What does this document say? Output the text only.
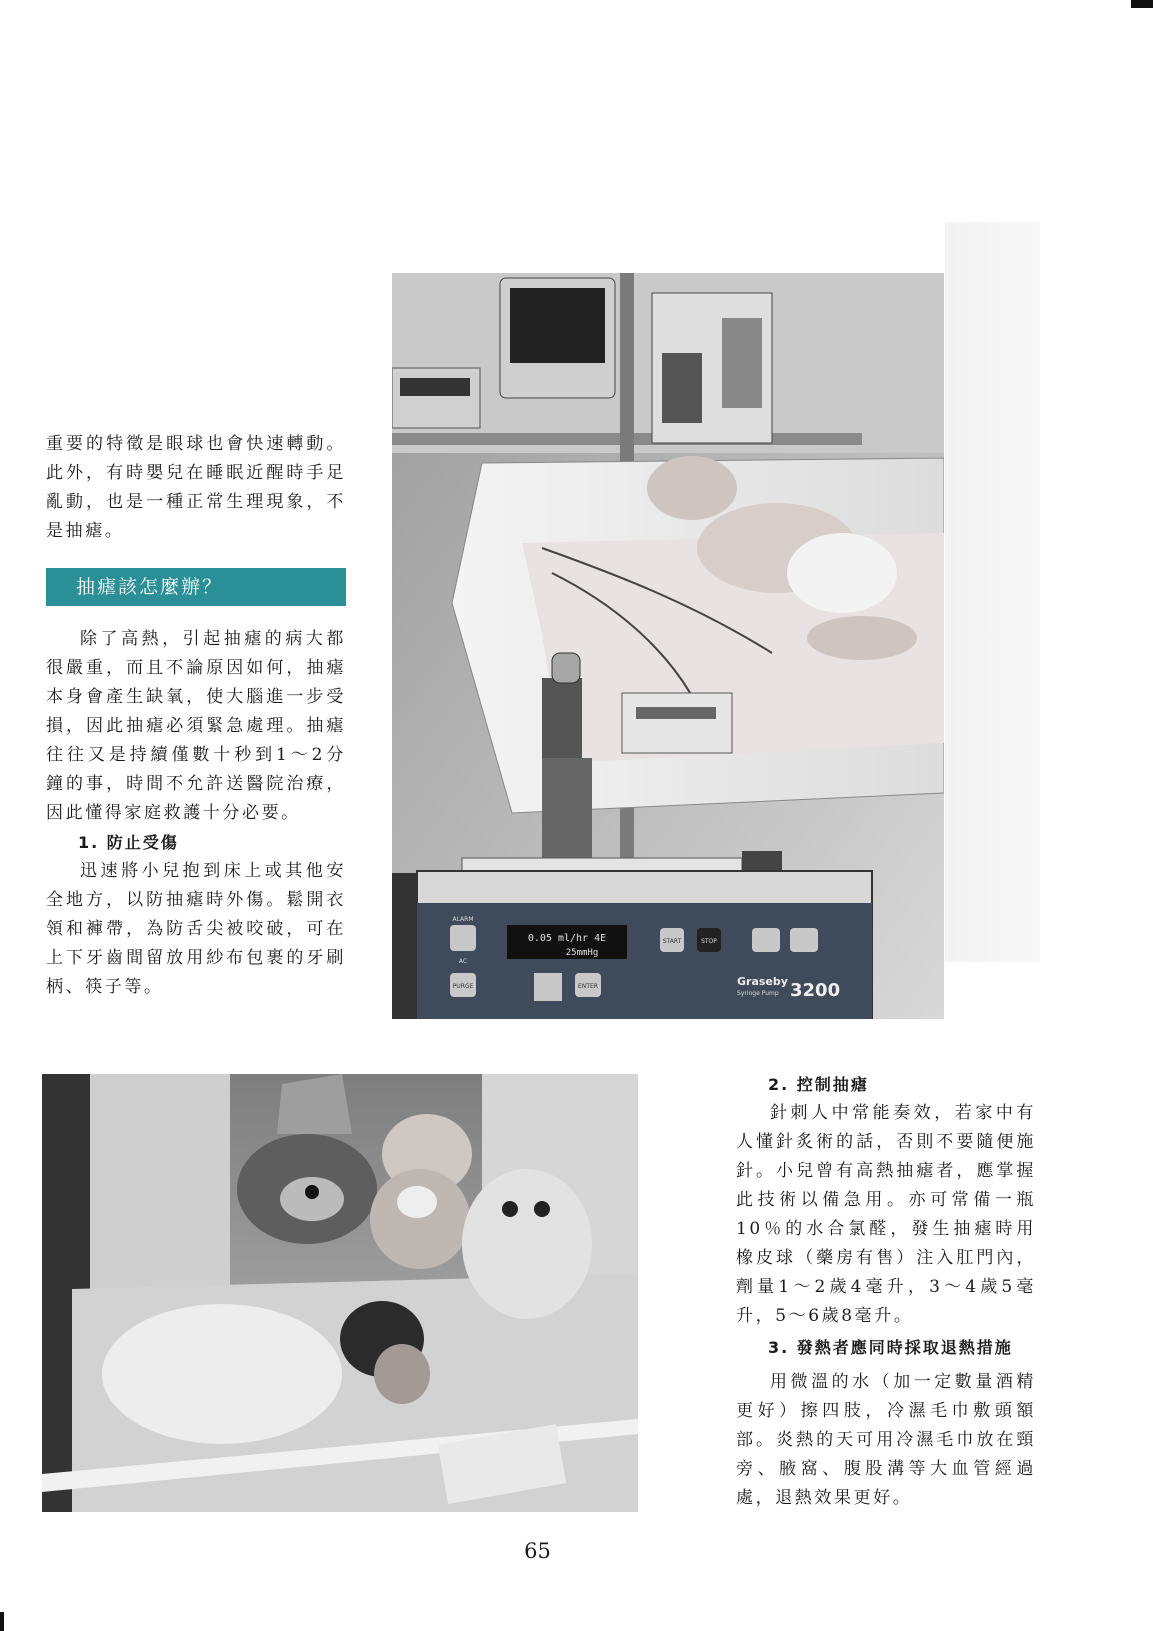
重要的特徵是眼球也會快速轉動。此外，有時嬰兒在睡眠近醒時手足亂動，也是一種正常生理現象，不是抽瘧。

抽瘧該怎麼辦？

除了高熱，引起抽瘧的病大都很嚴重，而且不論原因如何，抽瘧本身會產生缺氧，使大腦進一步受損，因此抽瘧必須緊急處理。抽瘧往往又是持續僅數十秒到1～2分鐘的事，時間不允許送醫院治療，因此懂得家庭救護十分必要。

1. 防止受傷

迅速將小兒抱到床上或其他安全地方，以防抽瘧時外傷。鬆開衣領和褲帶，為防舌尖被咬破，可在上下牙齒間留放用紗布包裹的牙刷柄、筷子等。

0.05 ml/hr 4E
25mmHg
ALARM
AC
PURGE	ENTER
START	STOP
Graseby
Syringe Pump 3200

2. 控制抽瘧

針刺人中常能奏效，若家中有人懂針炙術的話，否則不要隨便施針。小兒曾有高熱抽瘧者，應掌握此技術以備急用。亦可常備一瓶10％的水合氯醛，發生抽瘧時用橡皮球（藥房有售）注入肛門內，劑量1～2歲4毫升，3～4歲5毫升，5～6歲8毫升。

3. 發熱者應同時採取退熱措施

用微溫的水（加一定數量酒精更好）擦四肢，冷濕毛巾敷頭額部。炎熱的天可用冷濕毛巾放在頸旁、腋窩、腹股溝等大血管經過處，退熱效果更好。

65
